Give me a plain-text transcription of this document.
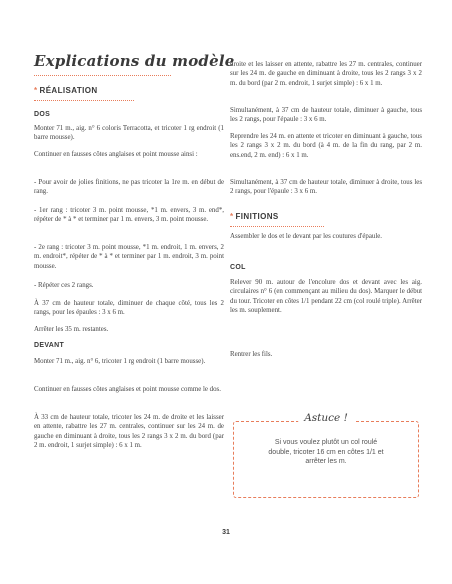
Explications du modèle
* RÉALISATION
DOS

Monter 71 m., aig. n° 6 coloris Terracotta, et tricoter 1 rg endroit (1 barre mousse).

Continuer en fausses côtes anglaises et point mousse ainsi :

- Pour avoir de jolies finitions, ne pas tricoter la 1re m. en début de rang.

- 1er rang : tricoter 3 m. point mousse, *1 m. envers, 3 m. end*, répéter de * à * et terminer par 1 m. envers, 3 m. point mousse.

- 2e rang : tricoter 3 m. point mousse, *1 m. endroit, 1 m. envers, 2 m. endroit*, répéter de * à * et terminer par 1 m. endroit, 3 m. point mousse.

- Répéter ces 2 rangs.

À 37 cm de hauteur totale, diminuer de chaque côté, tous les 2 rangs, pour les épaules : 3 x 6 m.

Arrêter les 35 m. restantes.

DEVANT

Monter 71 m., aig. n° 6, tricoter 1 rg endroit (1 barre mousse).

Continuer en fausses côtes anglaises et point mousse comme le dos.

À 33 cm de hauteur totale, tricoter les 24 m. de droite et les laisser en attente, rabattre les 27 m. centrales, continuer sur les 24 m. de gauche en diminuant à droite, tous les 2 rangs 3 x 2 m. du bord (par 2 m. endroit, 1 surjet simple) : 6 x 1 m.

droite et les laisser en attente, rabattre les 27 m. centrales, continuer sur les 24 m. de gauche en diminuant à droite, tous les 2 rangs 3 x 2 m. du bord (par 2 m. endroit, 1 surjet simple) : 6 x 1 m.

Simultanément, à 37 cm de hauteur totale, diminuer à gauche, tous les 2 rangs, pour l'épaule : 3 x 6 m.

Reprendre les 24 m. en attente et tricoter en diminuant à gauche, tous les 2 rangs 3 x 2 m. du bord (à 4 m. de la fin du rang, par 2 m. ens.end, 2 m. end) : 6 x 1 m.

Simultanément, à 37 cm de hauteur totale, diminuer à droite, tous les 2 rangs, pour l'épaule : 3 x 6 m.

* FINITIONS

Assembler le dos et le devant par les coutures d'épaule.

COL

Relever 90 m. autour de l'encolure dos et devant avec les aig. circulaires n° 6 (en commençant au milieu du dos). Marquer le début du tour. Tricoter en côtes 1/1 pendant 22 cm (col roulé triple). Arrêter les m. souplement.

Rentrer les fils.

Astuce !

Si vous voulez plutôt un col roulé double, tricoter 16 cm en côtes 1/1 et arrêter les m.

31
